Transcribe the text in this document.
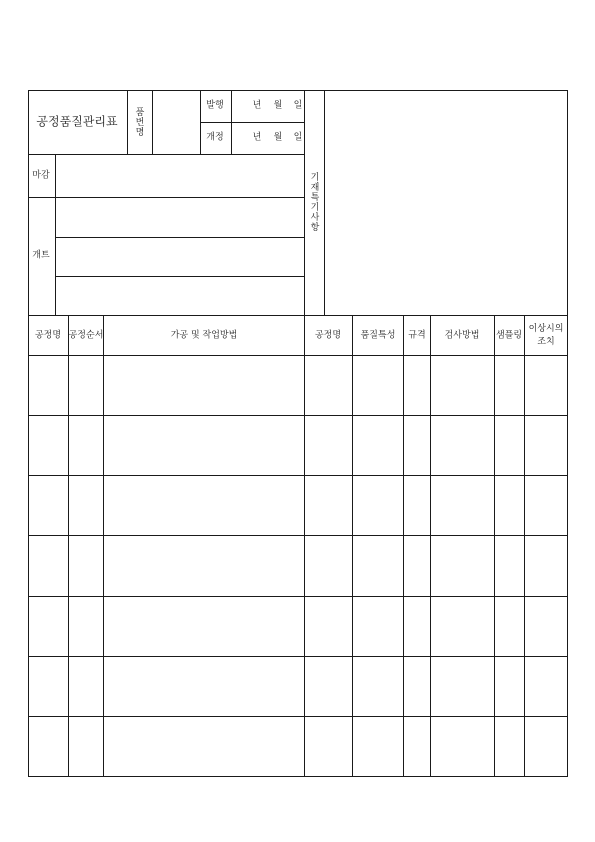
공정품질관리표 품번명
발행
개정
년 월 일
년 월 일
기재특기사항
마감
개트
공정명 공정순서	가공 및 작업방법	공정명 품질특성 규격 검사방법 샘플링
이상시의
조치
